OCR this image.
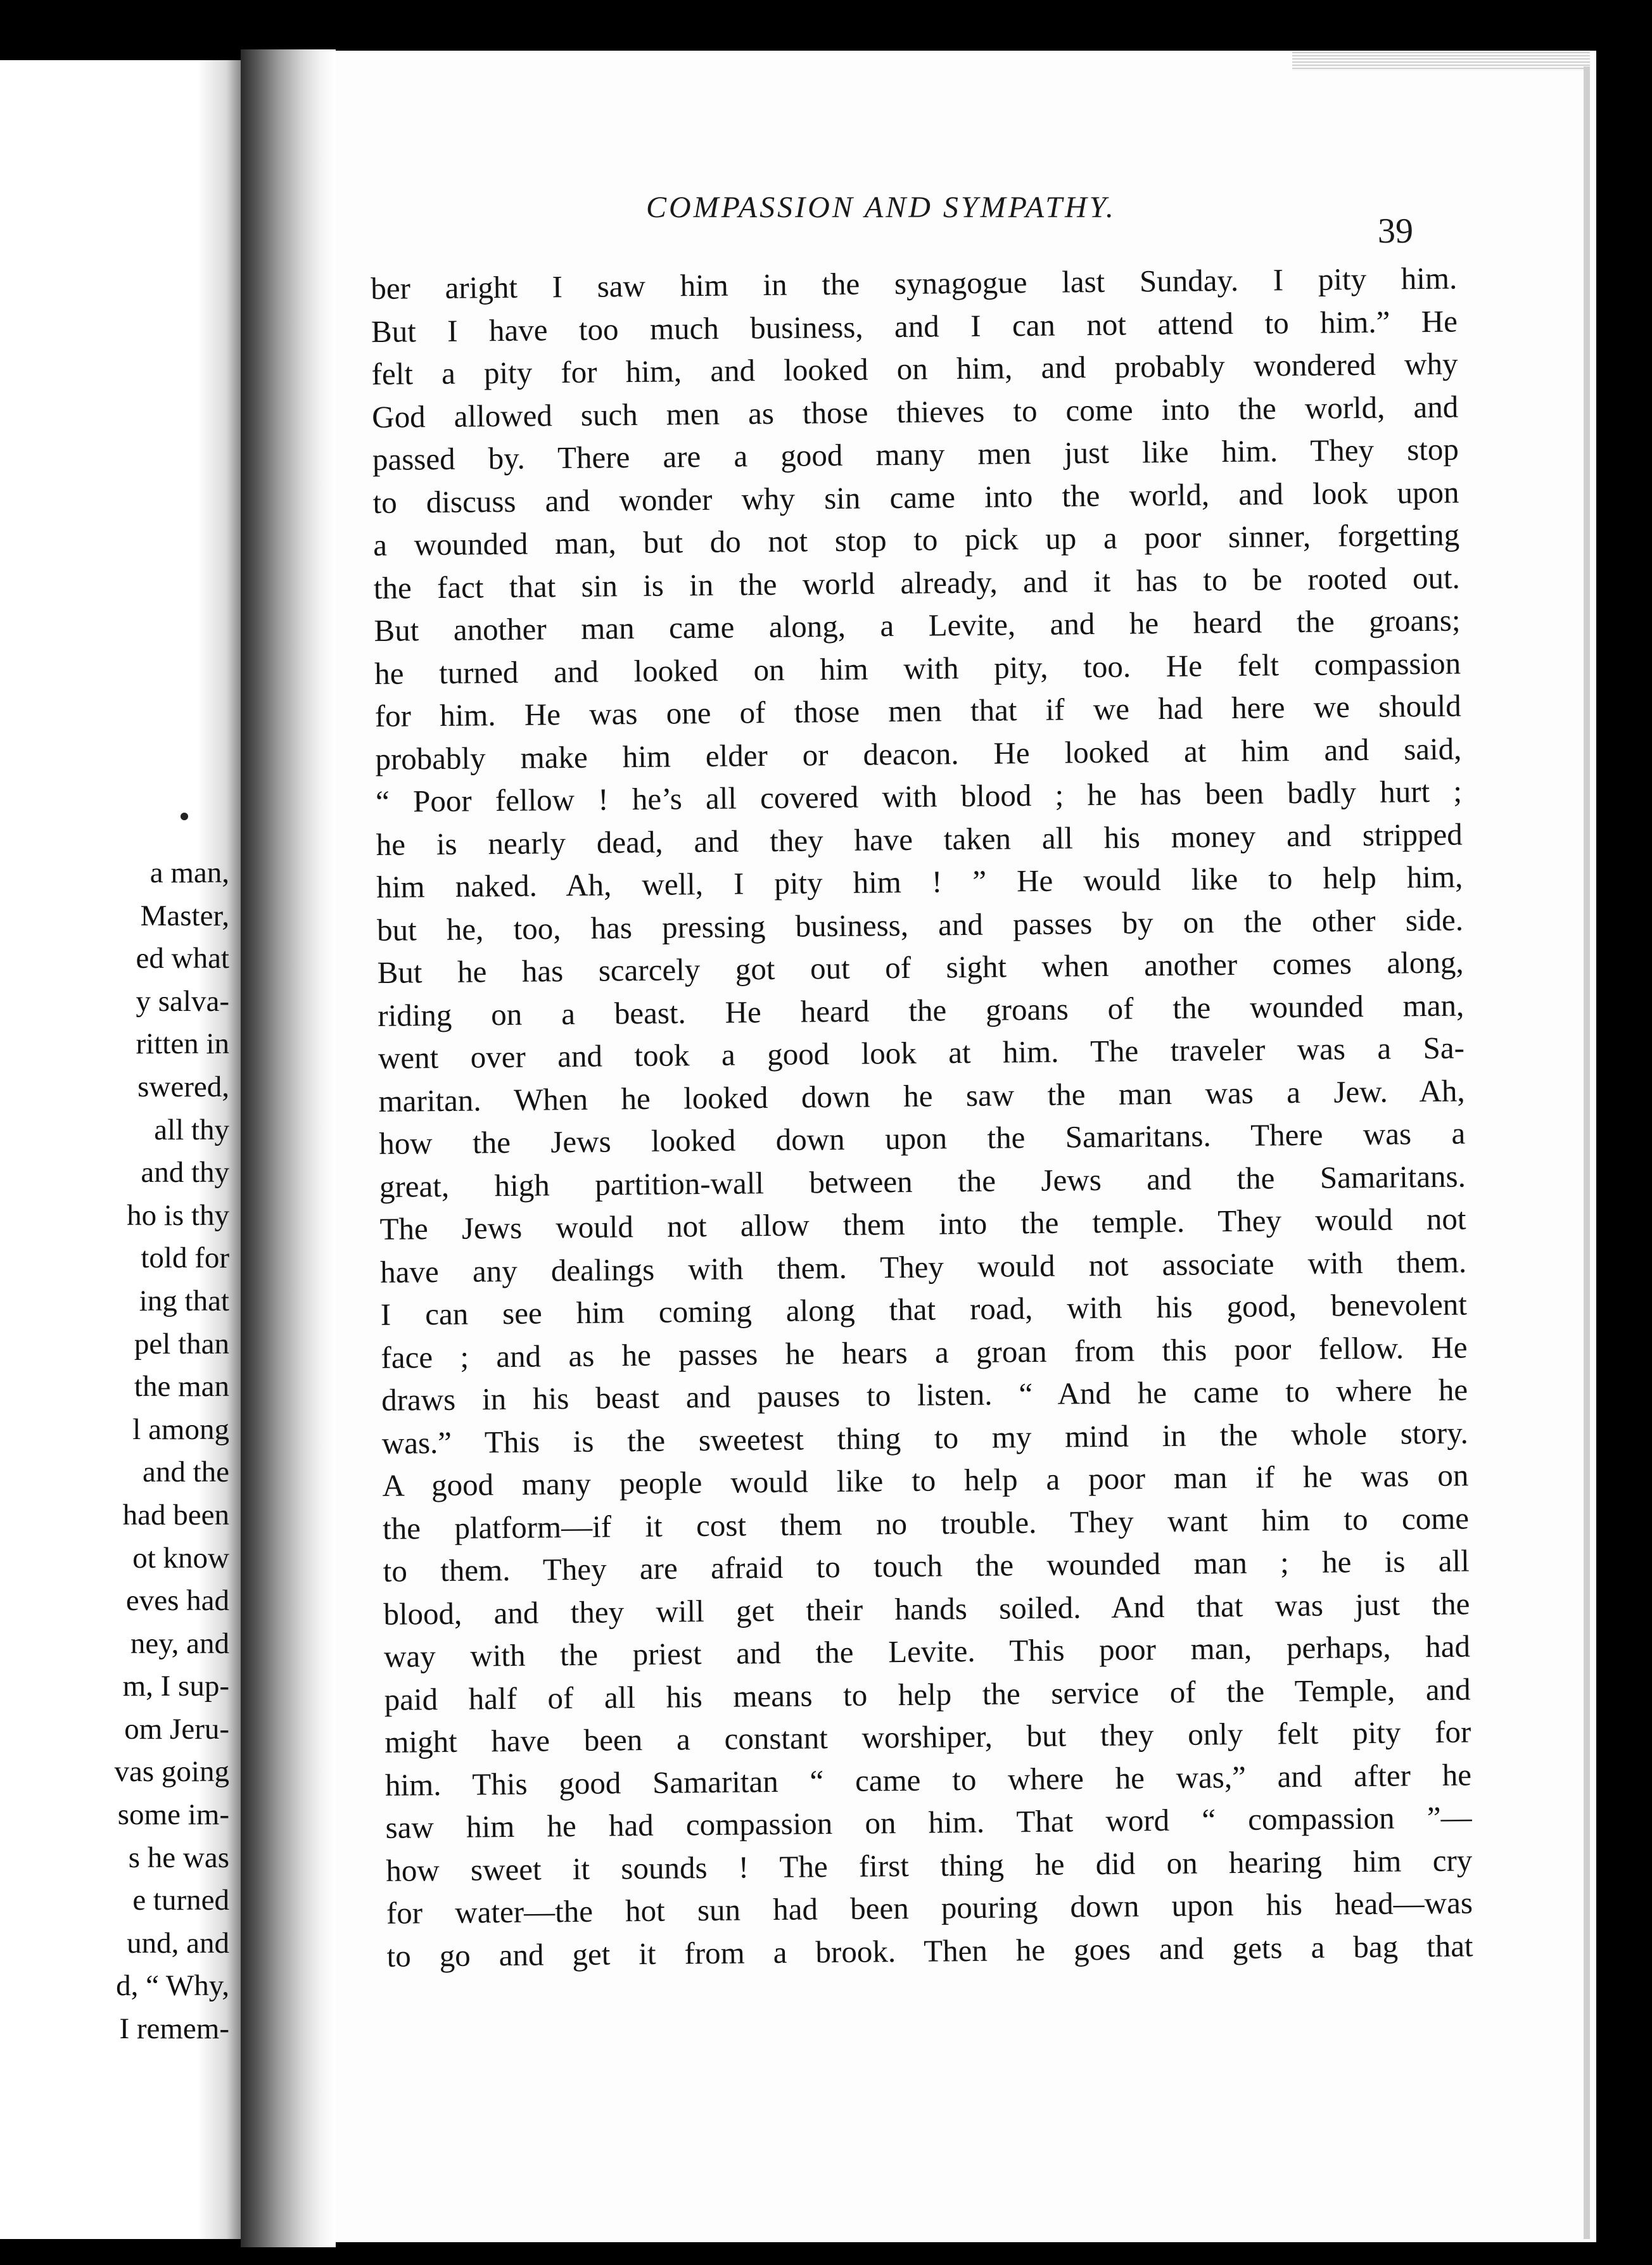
a man,
Master,
ed what
y salva-
ritten in
swered,
all thy
and thy
ho is thy
told for
ing that
pel than
the man
l among
and the
had been
ot know
eves had
ney, and
m, I sup-
om Jeru-
vas going
some im-
s he was
e turned
und, and
d, “ Why,
I remem-
COMPASSION AND SYMPATHY.
39
ber aright I saw him in the synagogue last Sunday. I pity him.
But I have too much business, and I can not attend to him.” He
felt a pity for him, and looked on him, and probably wondered why
God allowed such men as those thieves to come into the world, and
passed by. There are a good many men just like him. They stop
to discuss and wonder why sin came into the world, and look upon
a wounded man, but do not stop to pick up a poor sinner, forgetting
the fact that sin is in the world already, and it has to be rooted out.
But another man came along, a Levite, and he heard the groans;
he turned and looked on him with pity, too. He felt compassion
for him. He was one of those men that if we had here we should
probably make him elder or deacon. He looked at him and said,
“ Poor fellow ! he’s all covered with blood ; he has been badly hurt ;
he is nearly dead, and they have taken all his money and stripped
him naked. Ah, well, I pity him ! ” He would like to help him,
but he, too, has pressing business, and passes by on the other side.
But he has scarcely got out of sight when another comes along,
riding on a beast. He heard the groans of the wounded man,
went over and took a good look at him. The traveler was a Sa-
maritan. When he looked down he saw the man was a Jew. Ah,
how the Jews looked down upon the Samaritans. There was a
great, high partition-wall between the Jews and the Samaritans.
The Jews would not allow them into the temple. They would not
have any dealings with them. They would not associate with them.
I can see him coming along that road, with his good, benevolent
face ; and as he passes he hears a groan from this poor fellow. He
draws in his beast and pauses to listen. “ And he came to where he
was.” This is the sweetest thing to my mind in the whole story.
A good many people would like to help a poor man if he was on
the platform—if it cost them no trouble. They want him to come
to them. They are afraid to touch the wounded man ; he is all
blood, and they will get their hands soiled. And that was just the
way with the priest and the Levite. This poor man, perhaps, had
paid half of all his means to help the service of the Temple, and
might have been a constant worshiper, but they only felt pity for
him. This good Samaritan “ came to where he was,” and after he
saw him he had compassion on him. That word “ compassion ”—
how sweet it sounds ! The first thing he did on hearing him cry
for water—the hot sun had been pouring down upon his head—was
to go and get it from a brook. Then he goes and gets a bag that
